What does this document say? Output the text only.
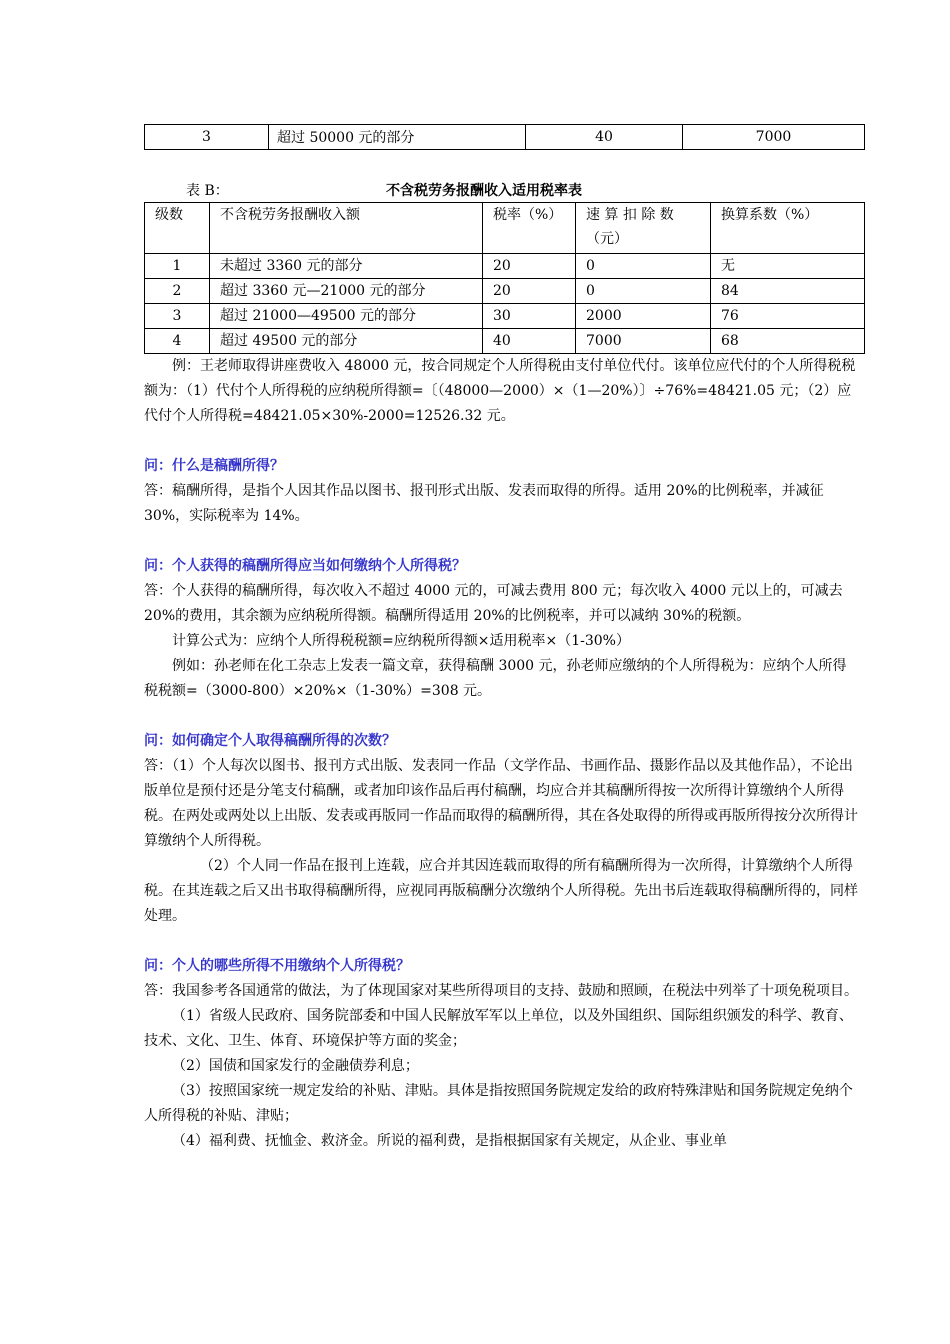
3	超过 50000 元的部分	40	7000
表 B：	不含税劳务报酬收入适用税率表
级数	不含税劳务报酬收入额	税率（%）	速 算 扣 除 数（元）	换算系数（%）
1	未超过 3360 元的部分	20	0	无
2	超过 3360 元—21000 元的部分	20	0	84
3	超过 21000—49500 元的部分	30	2000	76
4	超过 49500 元的部分	40	7000	68

例：王老师取得讲座费收入 48000 元，按合同规定个人所得税由支付单位代付。该单位应代付的个人所得税税额为：（1）代付个人所得税的应纳税所得额=〔（48000—2000）×（1—20%）〕÷76%=48421.05 元；（2）应代付个人所得税=48421.05×30%-2000=12526.32 元。

问：什么是稿酬所得？

答：稿酬所得，是指个人因其作品以图书、报刊形式出版、发表而取得的所得。适用 20%的比例税率，并减征 30%，实际税率为 14%。

问：个人获得的稿酬所得应当如何缴纳个人所得税？

答：个人获得的稿酬所得，每次收入不超过 4000 元的，可减去费用 800 元；每次收入 4000 元以上的，可减去 20%的费用，其余额为应纳税所得额。稿酬所得适用 20%的比例税率，并可以减纳 30%的税额。

计算公式为：应纳个人所得税税额=应纳税所得额×适用税率×（1-30%）

例如：孙老师在化工杂志上发表一篇文章，获得稿酬 3000 元，孙老师应缴纳的个人所得税为：应纳个人所得税税额=（3000-800）×20%×（1-30%）=308 元。

问：如何确定个人取得稿酬所得的次数？

答：（1）个人每次以图书、报刊方式出版、发表同一作品（文学作品、书画作品、摄影作品以及其他作品），不论出版单位是预付还是分笔支付稿酬，或者加印该作品后再付稿酬，均应合并其稿酬所得按一次所得计算缴纳个人所得税。在两处或两处以上出版、发表或再版同一作品而取得的稿酬所得，其在各处取得的所得或再版所得按分次所得计算缴纳个人所得税。

（2）个人同一作品在报刊上连载，应合并其因连载而取得的所有稿酬所得为一次所得，计算缴纳个人所得税。在其连载之后又出书取得稿酬所得，应视同再版稿酬分次缴纳个人所得税。先出书后连载取得稿酬所得的，同样处理。

问：个人的哪些所得不用缴纳个人所得税？

答：我国参考各国通常的做法，为了体现国家对某些所得项目的支持、鼓励和照顾，在税法中列举了十项免税项目。

（1）省级人民政府、国务院部委和中国人民解放军军以上单位，以及外国组织、国际组织颁发的科学、教育、技术、文化、卫生、体育、环境保护等方面的奖金；

（2）国债和国家发行的金融债券利息；

（3）按照国家统一规定发给的补贴、津贴。具体是指按照国务院规定发给的政府特殊津贴和国务院规定免纳个人所得税的补贴、津贴；

（4）福利费、抚恤金、救济金。所说的福利费，是指根据国家有关规定，从企业、事业单
